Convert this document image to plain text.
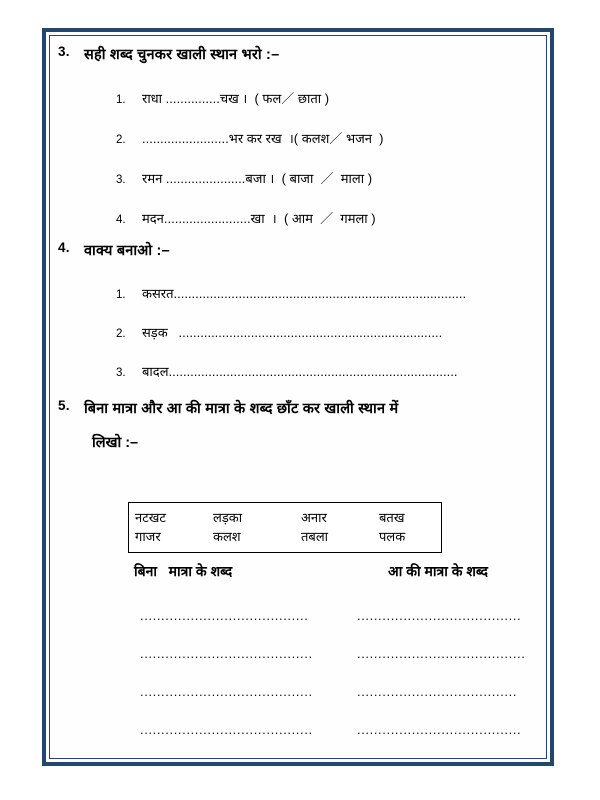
3. सही शब्द चुनकर खाली स्थान भरो :–
1.	राधा ...............चख ।  ( फल／ छाता )
2.	........................भर कर रख  ।( कलश／ भजन  )
3.	रमन ......................बजा ।  ( बाजा  ／  माला )
4.	मदन........................खा  ।  ( आम  ／  गमला )
4. वाक्य बनाओ :–
1.	कसरत.................................................................................
2.	सड़क   .........................................................................
3.	बादल................................................................................
5. बिना मात्रा और आ की मात्रा के शब्द छाँट कर खाली स्थान में
लिखो :–
नटखट	लड़का	अनार	बतख
गाजर	कलश	तबला	पलक
बिना   मात्रा के शब्द	आ की मात्रा के शब्द
........................................	.......................................
.........................................	........................................
.........................................	......................................
.........................................	.......................................
